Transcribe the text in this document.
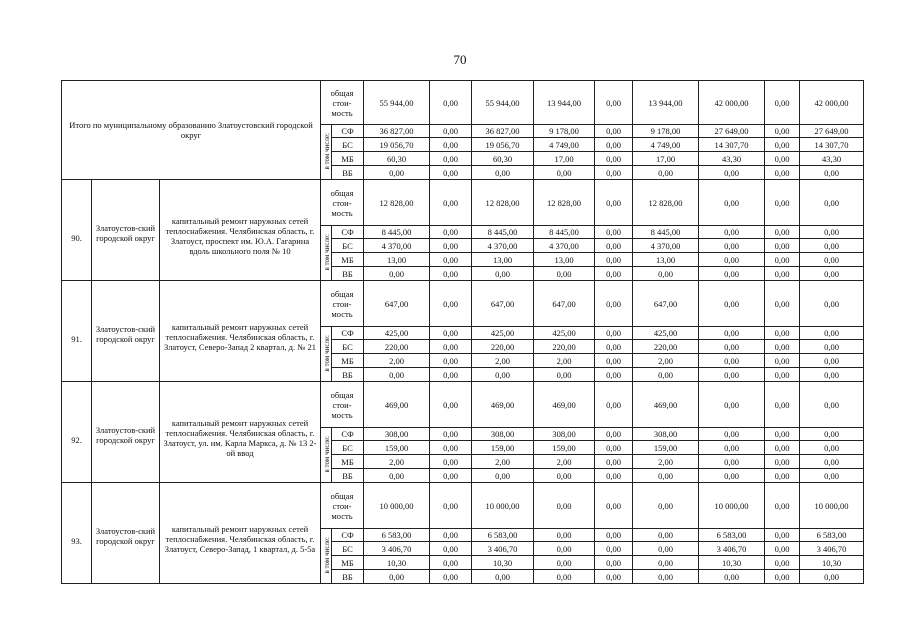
70
Итого по муниципальному образованию Златоустовский городской округ			общая стои-мость		55 944,00	0,00	55 944,00	13 944,00	0,00	13 944,00	42 000,00	0,00	42 000,00
			в том числе:	СФ	36 827,00	0,00	36 827,00	9 178,00	0,00	9 178,00	27 649,00	0,00	27 649,00
				БС	19 056,70	0,00	19 056,70	4 749,00	0,00	4 749,00	14 307,70	0,00	14 307,70
				МБ	60,30	0,00	60,30	17,00	0,00	17,00	43,30	0,00	43,30
				ВБ	0,00	0,00	0,00	0,00	0,00	0,00	0,00	0,00	0,00

90.	Златоустов-ский городской округ	капитальный ремонт наружных сетей теплоснабжения. Челябинская область, г. Златоуст, проспект им. Ю.А. Гагарина вдоль школьного поля № 10	общая стои-мость		12 828,00	0,00	12 828,00	12 828,00	0,00	12 828,00	0,00	0,00	0,00
			в том числе:	СФ	8 445,00	0,00	8 445,00	8 445,00	0,00	8 445,00	0,00	0,00	0,00
				БС	4 370,00	0,00	4 370,00	4 370,00	0,00	4 370,00	0,00	0,00	0,00
				МБ	13,00	0,00	13,00	13,00	0,00	13,00	0,00	0,00	0,00
				ВБ	0,00	0,00	0,00	0,00	0,00	0,00	0,00	0,00	0,00

91.	Златоустов-ский городской округ	капитальный ремонт наружных сетей теплоснабжения. Челябинская область, г. Златоуст, Северо-Запад 2 квартал, д. № 21	общая стои-мость		647,00	0,00	647,00	647,00	0,00	647,00	0,00	0,00	0,00
			в том числе:	СФ	425,00	0,00	425,00	425,00	0,00	425,00	0,00	0,00	0,00
				БС	220,00	0,00	220,00	220,00	0,00	220,00	0,00	0,00	0,00
				МБ	2,00	0,00	2,00	2,00	0,00	2,00	0,00	0,00	0,00
				ВБ	0,00	0,00	0,00	0,00	0,00	0,00	0,00	0,00	0,00

92.	Златоустов-ский городской округ	капитальный ремонт наружных сетей теплоснабжения. Челябинская область, г. Златоуст, ул. им. Карла Маркса, д. № 13 2-ой ввод	общая стои-мость		469,00	0,00	469,00	469,00	0,00	469,00	0,00	0,00	0,00
			в том числе:	СФ	308,00	0,00	308,00	308,00	0,00	308,00	0,00	0,00	0,00
				БС	159,00	0,00	159,00	159,00	0,00	159,00	0,00	0,00	0,00
				МБ	2,00	0,00	2,00	2,00	0,00	2,00	0,00	0,00	0,00
				ВБ	0,00	0,00	0,00	0,00	0,00	0,00	0,00	0,00	0,00

93.	Златоустов-ский городской округ	капитальный ремонт наружных сетей теплоснабжения. Челябинская область, г. Златоуст, Северо-Запад, 1 квартал, д. 5-5а	общая стои-мость		10 000,00	0,00	10 000,00	0,00	0,00	0,00	10 000,00	0,00	10 000,00
			в том числе:	СФ	6 583,00	0,00	6 583,00	0,00	0,00	0,00	6 583,00	0,00	6 583,00
				БС	3 406,70	0,00	3 406,70	0,00	0,00	0,00	3 406,70	0,00	3 406,70
				МБ	10,30	0,00	10,30	0,00	0,00	0,00	10,30	0,00	10,30
				ВБ	0,00	0,00	0,00	0,00	0,00	0,00	0,00	0,00	0,00
